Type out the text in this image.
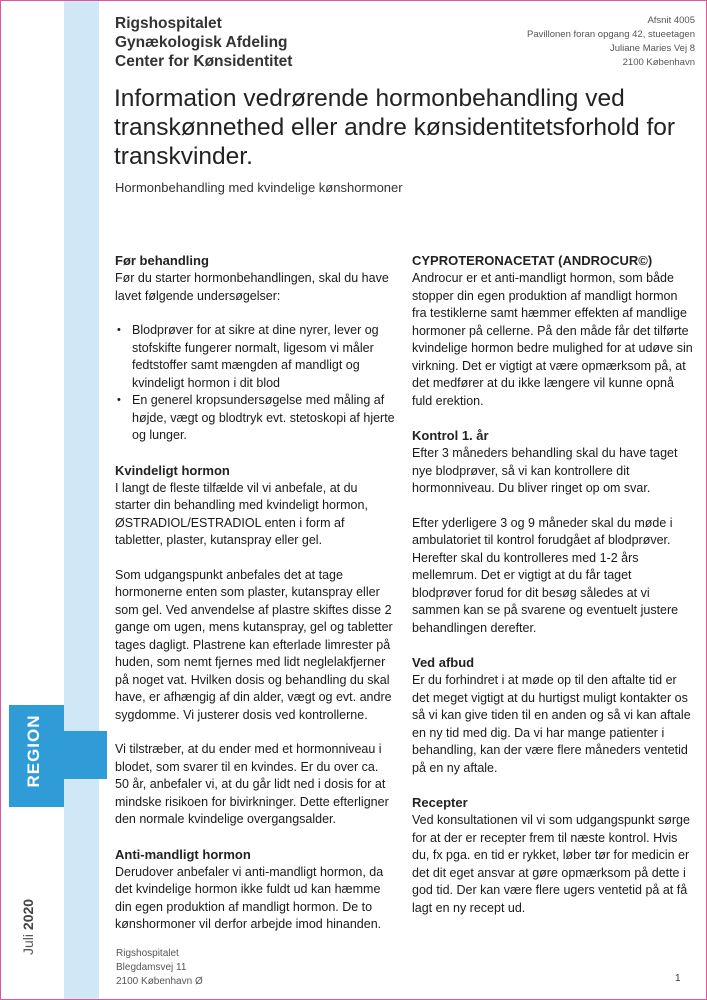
REGION
Juli 2020
Rigshospitalet
Gynækologisk Afdeling
Center for Kønsidentitet
Afsnit 4005
Pavillonen foran opgang 42, stueetagen
Juliane Maries Vej 8
2100 København
Information vedrørende hormonbehandling ved transkønnethed eller andre kønsidentitetsforhold for transkvinder.
Hormonbehandling med kvindelige kønshormoner
Før behandling

Før du starter hormonbehandlingen, skal du have lavet følgende undersøgelser:

• Blodprøver for at sikre at dine nyrer, lever og stofskifte fungerer normalt, ligesom vi måler fedtstoffer samt mængden af mandligt og kvindeligt hormon i dit blod
• En generel kropsundersøgelse med måling af højde, vægt og blodtryk evt. stetoskopi af hjerte og lunger.
Kvindeligt hormon

I langt de fleste tilfælde vil vi anbefale, at du starter din behandling med kvindeligt hormon, ØSTRADIOL/ESTRADIOL enten i form af tabletter, plaster, kutanspray eller gel.

Som udgangspunkt anbefales det at tage hormonerne enten som plaster, kutanspray eller som gel. Ved anvendelse af plastre skiftes disse 2 gange om ugen, mens kutanspray, gel og tabletter tages dagligt. Plastrene kan efterlade limrester på huden, som nemt fjernes med lidt neglelakfjerner på noget vat. Hvilken dosis og behandling du skal have, er afhængig af din alder, vægt og evt. andre sygdomme. Vi justerer dosis ved kontrollerne.

Vi tilstræber, at du ender med et hormonniveau i blodet, som svarer til en kvindes. Er du over ca. 50 år, anbefaler vi, at du går lidt ned i dosis for at mindske risikoen for bivirkninger. Dette efterligner den normale kvindelige overgangsalder.

Anti-mandligt hormon

Derudover anbefaler vi anti-mandligt hormon, da det kvindelige hormon ikke fuldt ud kan hæmme din egen produktion af mandligt hormon. De to kønshormoner vil derfor arbejde imod hinanden.

CYPROTERONACETAT (ANDROCUR©)

Androcur er et anti-mandligt hormon, som både stopper din egen produktion af mandligt hormon fra testiklerne samt hæmmer effekten af mandlige hormoner på cellerne. På den måde får det tilførte kvindelige hormon bedre mulighed for at udøve sin virkning. Det er vigtigt at være opmærksom på, at det medfører at du ikke længere vil kunne opnå fuld erektion.

Kontrol 1. år

Efter 3 måneders behandling skal du have taget nye blodprøver, så vi kan kontrollere dit hormonniveau. Du bliver ringet op om svar.

Efter yderligere 3 og 9 måneder skal du møde i ambulatoriet til kontrol forudgået af blodprøver. Herefter skal du kontrolleres med 1-2 års mellemrum. Det er vigtigt at du får taget blodprøver forud for dit besøg således at vi sammen kan se på svarene og eventuelt justere behandlingen derefter.

Ved afbud

Er du forhindret i at møde op til den aftalte tid er det meget vigtigt at du hurtigst muligt kontakter os så vi kan give tiden til en anden og så vi kan aftale en ny tid med dig. Da vi har mange patienter i behandling, kan der være flere måneders ventetid på en ny aftale.

Recepter

Ved konsultationen vil vi som udgangspunkt sørge for at der er recepter frem til næste kontrol. Hvis du, fx pga. en tid er rykket, løber tør for medicin er det dit eget ansvar at gøre opmærksom på dette i god tid. Der kan være flere ugers ventetid på at få lagt en ny recept ud.

Rigshospitalet
Blegdamsvej 11
2100 København Ø	1
